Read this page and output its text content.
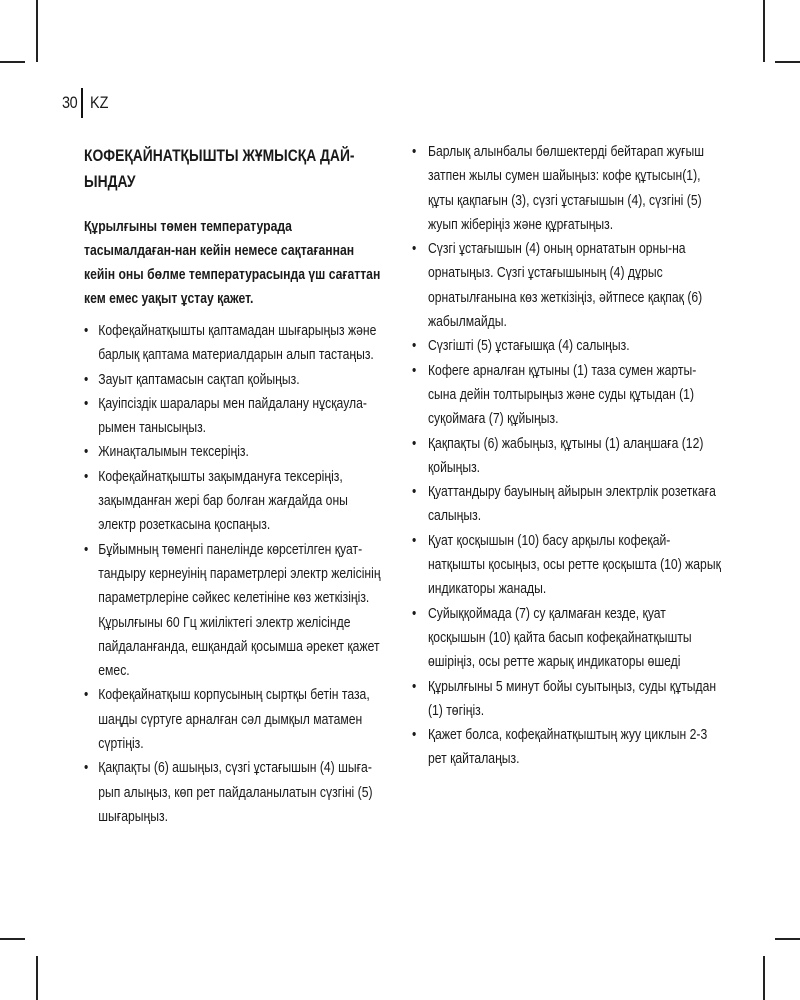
30 KZ
КОФЕҚАЙНАТҚЫШТЫ ЖҰМЫСҚА ДАЙ-ЫНДАУ
Құрылғыны төмен температурада тасымалдаған-нан кейін немесе сақтағаннан кейін оны бөлме температурасында үш сағаттан кем емес уақыт ұстау қажет.
• Кофеқайнатқышты қаптамадан шығарыңыз және барлық қаптама материалдарын алып тастаңыз.
• Зауыт қаптамасын сақтап қойыңыз.
• Қауіпсіздік шаралары мен пайдалану нұсқаула-рымен танысыңыз.
• Жинақталымын тексеріңіз.
• Кофеқайнатқышты зақымдануға тексеріңіз, зақымданған жері бар болған жағдайда оны электр розеткасына қоспаңыз.
• Бұйымның төменгі панелінде көрсетілген қуат-тандыру кернеуінің параметрлері электр желісінің параметрлеріне сәйкес келетініне көз жеткізіңіз. Құрылғыны 60 Гц жиіліктегі электр желісінде пайдаланғанда, ешқандай қосымша әрекет қажет емес.
• Кофеқайнатқыш корпусының сыртқы бетін таза, шаңды сүртуге арналған сәл дымқыл матамен сүртіңіз.
• Қақпақты (6) ашыңыз, сүзгі ұстағышын (4) шыға-рып алыңыз, көп рет пайдаланылатын сүзгіні (5) шығарыңыз.
• Барлық алынбалы бөлшектерді бейтарап жуғыш затпен жылы сумен шайыңыз: кофе құтысын(1), құты қақпағын (3), сүзгі ұстағышын (4), сүзгіні (5) жуып жіберіңіз және құрғатыңыз.
• Сүзгі ұстағышын (4) оның орнататын орны-на орнатыңыз. Сүзгі ұстағышының (4) дұрыс орнатылғанына көз жеткізіңіз, әйтпесе қақпақ (6) жабылмайды.
• Сүзгішті (5) ұстағышқа (4) салыңыз.
• Кофеге арналған құтыны (1) таза сумен жарты-сына дейін толтырыңыз және суды құтыдан (1) суқоймаға (7) құйыңыз.
• Қақпақты (6) жабыңыз, құтыны (1) алаңшаға (12) қойыңыз.
• Қуаттандыру бауының айырын электрлік розеткаға салыңыз.
• Қуат қосқышын (10) басу арқылы кофеқай-натқышты қосыңыз, осы ретте қосқышта (10) жарық индикаторы жанады.
• Суйыққоймада (7) су қалмаған кезде, қуат қосқышын (10) қайта басып кофеқайнатқышты өшіріңіз, осы ретте жарық индикаторы өшеді
• Құрылғыны 5 минут бойы суытыңыз, суды құтыдан (1) төгіңіз.
• Қажет болса, кофеқайнатқыштың жуу циклын 2-3 рет қайталаңыз.
